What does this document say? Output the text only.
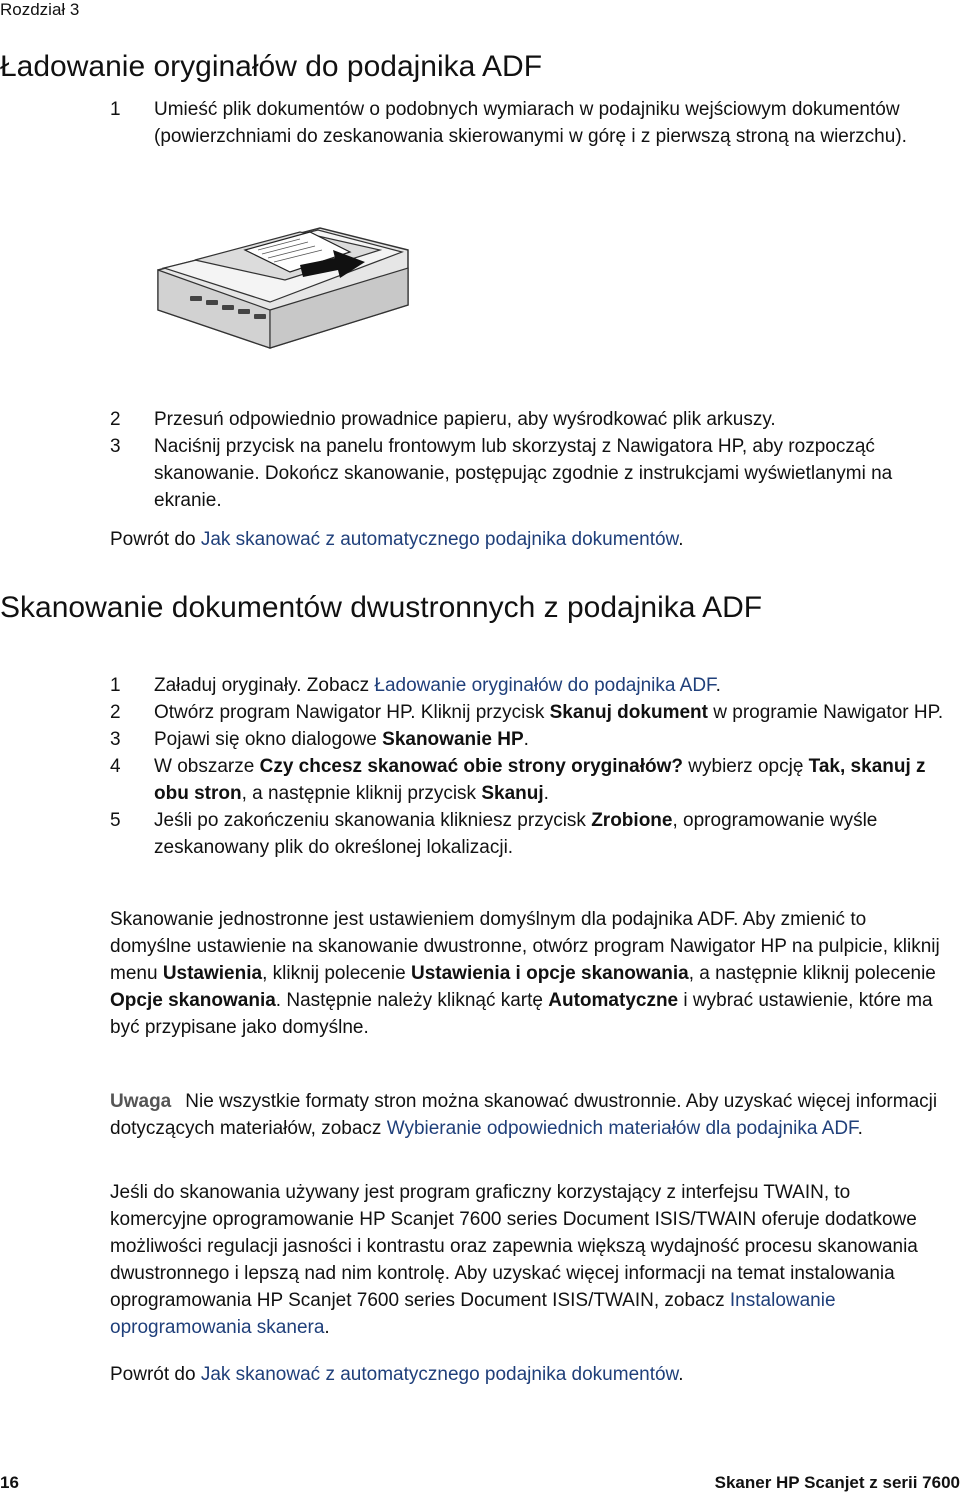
Rozdział 3
Ładowanie oryginałów do podajnika ADF
1 Umieść plik dokumentów o podobnych wymiarach w podajniku wejściowym dokumentów (powierzchniami do zeskanowania skierowanymi w górę i z pierwszą stroną na wierzchu).
2 Przesuń odpowiednio prowadnice papieru, aby wyśrodkować plik arkuszy.
3 Naciśnij przycisk na panelu frontowym lub skorzystaj z Nawigatora HP, aby rozpocząć skanowanie. Dokończ skanowanie, postępując zgodnie z instrukcjami wyświetlanymi na ekranie.

Powrót do Jak skanować z automatycznego podajnika dokumentów.

Skanowanie dokumentów dwustronnych z podajnika ADF
1 Załaduj oryginały. Zobacz Ładowanie oryginałów do podajnika ADF.
2 Otwórz program Nawigator HP. Kliknij przycisk Skanuj dokument w programie Nawigator HP.
3 Pojawi się okno dialogowe Skanowanie HP.
4 W obszarze Czy chcesz skanować obie strony oryginałów? wybierz opcję Tak, skanuj z obu stron, a następnie kliknij przycisk Skanuj.
5 Jeśli po zakończeniu skanowania klikniesz przycisk Zrobione, oprogramowanie wyśle zeskanowany plik do określonej lokalizacji.

Skanowanie jednostronne jest ustawieniem domyślnym dla podajnika ADF. Aby zmienić to domyślne ustawienie na skanowanie dwustronne, otwórz program Nawigator HP na pulpicie, kliknij menu Ustawienia, kliknij polecenie Ustawienia i opcje skanowania, a następnie kliknij polecenie Opcje skanowania. Następnie należy kliknąć kartę Automatyczne i wybrać ustawienie, które ma być przypisane jako domyślne.

Uwaga Nie wszystkie formaty stron można skanować dwustronnie. Aby uzyskać więcej informacji dotyczących materiałów, zobacz Wybieranie odpowiednich materiałów dla podajnika ADF.

Jeśli do skanowania używany jest program graficzny korzystający z interfejsu TWAIN, to komercyjne oprogramowanie HP Scanjet 7600 series Document ISIS/TWAIN oferuje dodatkowe możliwości regulacji jasności i kontrastu oraz zapewnia większą wydajność procesu skanowania dwustronnego i lepszą nad nim kontrolę. Aby uzyskać więcej informacji na temat instalowania oprogramowania HP Scanjet 7600 series Document ISIS/TWAIN, zobacz Instalowanie oprogramowania skanera.

Powrót do Jak skanować z automatycznego podajnika dokumentów.

16	Skaner HP Scanjet z serii 7600
